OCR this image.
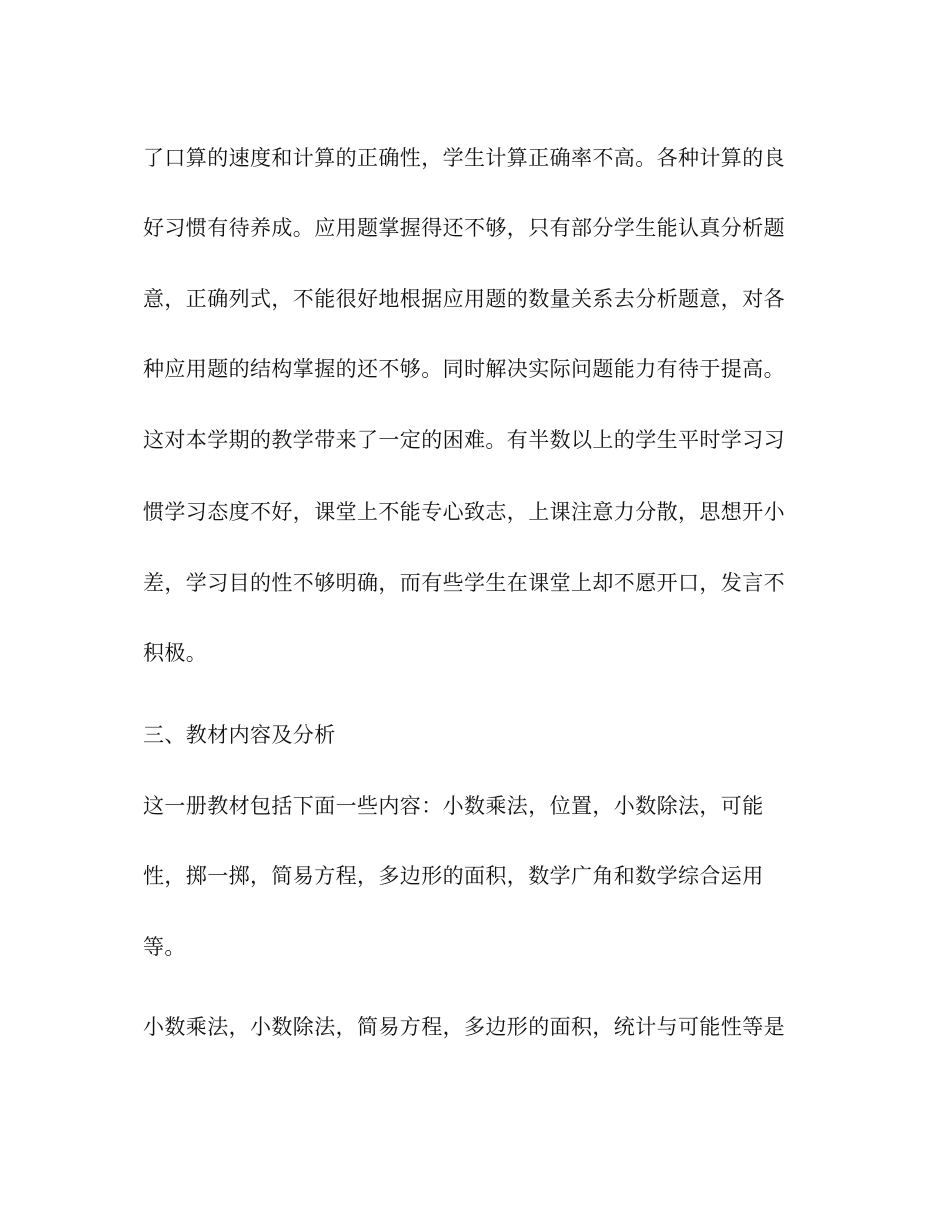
了口算的速度和计算的正确性，学生计算正确率不高。各种计算的良
好习惯有待养成。应用题掌握得还不够，只有部分学生能认真分析题
意，正确列式，不能很好地根据应用题的数量关系去分析题意，对各
种应用题的结构掌握的还不够。同时解决实际问题能力有待于提高。
这对本学期的教学带来了一定的困难。有半数以上的学生平时学习习
惯学习态度不好，课堂上不能专心致志，上课注意力分散，思想开小
差，学习目的性不够明确，而有些学生在课堂上却不愿开口，发言不
积极。
三、教材内容及分析
这一册教材包括下面一些内容：小数乘法，位置，小数除法，可能
性，掷一掷，简易方程，多边形的面积，数学广角和数学综合运用
等。
小数乘法，小数除法，简易方程，多边形的面积，统计与可能性等是
